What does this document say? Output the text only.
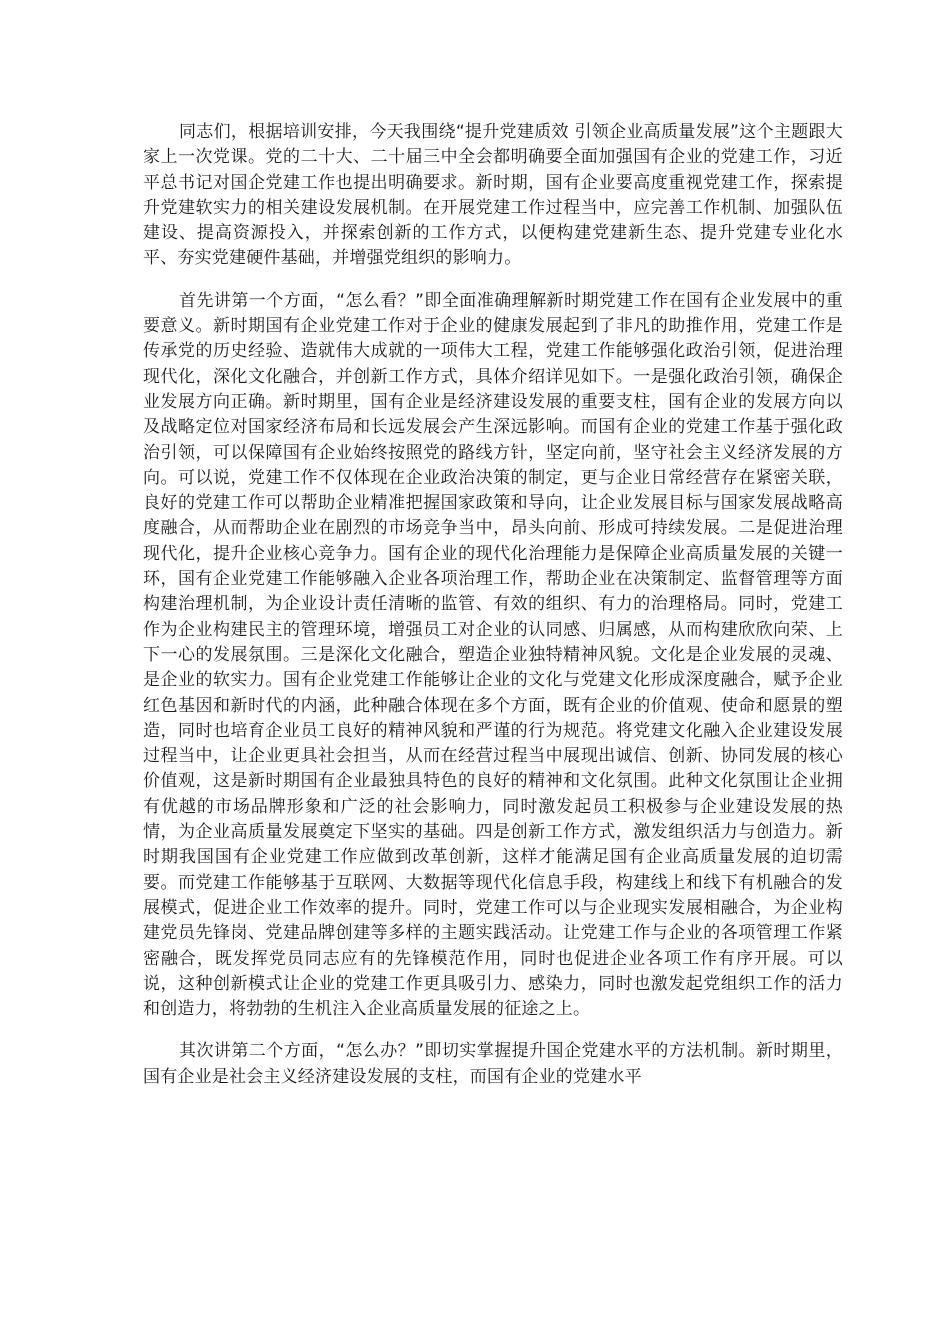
同志们，根据培训安排，今天我围绕“提升党建质效 引领企业高质量发展”这个主题跟大家上一次党课。党的二十大、二十届三中全会都明确要全面加强国有企业的党建工作，习近平总书记对国企党建工作也提出明确要求。新时期，国有企业要高度重视党建工作，探索提升党建软实力的相关建设发展机制。在开展党建工作过程当中，应完善工作机制、加强队伍建设、提高资源投入，并探索创新的工作方式，以便构建党建新生态、提升党建专业化水平、夯实党建硬件基础，并增强党组织的影响力。

首先讲第一个方面，“怎么看？”即全面准确理解新时期党建工作在国有企业发展中的重要意义。新时期国有企业党建工作对于企业的健康发展起到了非凡的助推作用，党建工作是传承党的历史经验、造就伟大成就的一项伟大工程，党建工作能够强化政治引领，促进治理现代化，深化文化融合，并创新工作方式，具体介绍详见如下。一是强化政治引领，确保企业发展方向正确。新时期里，国有企业是经济建设发展的重要支柱，国有企业的发展方向以及战略定位对国家经济布局和长远发展会产生深远影响。而国有企业的党建工作基于强化政治引领，可以保障国有企业始终按照党的路线方针，坚定向前，坚守社会主义经济发展的方向。可以说，党建工作不仅体现在企业政治决策的制定，更与企业日常经营存在紧密关联，良好的党建工作可以帮助企业精准把握国家政策和导向，让企业发展目标与国家发展战略高度融合，从而帮助企业在剧烈的市场竞争当中，昂头向前、形成可持续发展。二是促进治理现代化，提升企业核心竞争力。国有企业的现代化治理能力是保障企业高质量发展的关键一环，国有企业党建工作能够融入企业各项治理工作，帮助企业在决策制定、监督管理等方面构建治理机制，为企业设计责任清晰的监管、有效的组织、有力的治理格局。同时，党建工作为企业构建民主的管理环境，增强员工对企业的认同感、归属感，从而构建欣欣向荣、上下一心的发展氛围。三是深化文化融合，塑造企业独特精神风貌。文化是企业发展的灵魂、是企业的软实力。国有企业党建工作能够让企业的文化与党建文化形成深度融合，赋予企业红色基因和新时代的内涵，此种融合体现在多个方面，既有企业的价值观、使命和愿景的塑造，同时也培育企业员工良好的精神风貌和严谨的行为规范。将党建文化融入企业建设发展过程当中，让企业更具社会担当，从而在经营过程当中展现出诚信、创新、协同发展的核心价值观，这是新时期国有企业最独具特色的良好的精神和文化氛围。此种文化氛围让企业拥有优越的市场品牌形象和广泛的社会影响力，同时激发起员工积极参与企业建设发展的热情，为企业高质量发展奠定下坚实的基础。四是创新工作方式，激发组织活力与创造力。新时期我国国有企业党建工作应做到改革创新，这样才能满足国有企业高质量发展的迫切需要。而党建工作能够基于互联网、大数据等现代化信息手段，构建线上和线下有机融合的发展模式，促进企业工作效率的提升。同时，党建工作可以与企业现实发展相融合，为企业构建党员先锋岗、党建品牌创建等多样的主题实践活动。让党建工作与企业的各项管理工作紧密融合，既发挥党员同志应有的先锋模范作用，同时也促进企业各项工作有序开展。可以说，这种创新模式让企业的党建工作更具吸引力、感染力，同时也激发起党组织工作的活力和创造力，将勃勃的生机注入企业高质量发展的征途之上。

其次讲第二个方面，“怎么办？”即切实掌握提升国企党建水平的方法机制。新时期里，国有企业是社会主义经济建设发展的支柱，而国有企业的党建水平
